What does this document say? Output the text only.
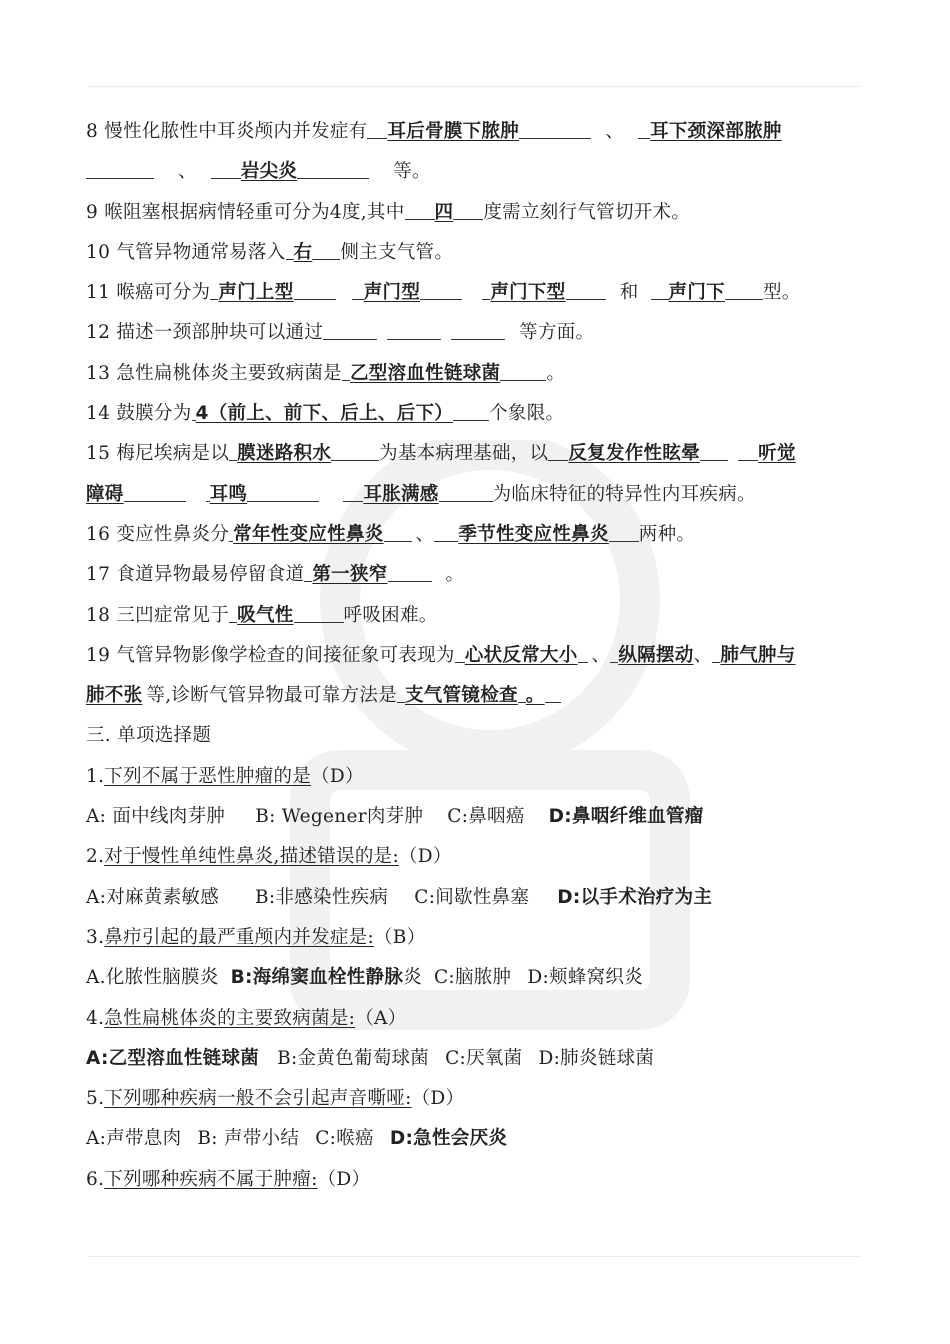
8 慢性化脓性中耳炎颅内并发症有 耳后骨膜下脓肿	、 耳下颈深部脓肿
、 岩尖炎	等。
9 喉阻塞根据病情轻重可分为4度,其中 四 度需立刻行气管切开术。
10 气管异物通常易落入 右 侧主支气管。
11 喉癌可分为 声门上型	声门型	声门下型	和 声门下 型。
12 描述一颈部肿块可以通过	等方面。
13 急性扁桃体炎主要致病菌是 乙型溶血性链球菌 。
14 鼓膜分为 4（前上、前下、后上、后下） 个象限。
15 梅尼埃病是以 膜迷路积水	为基本病理基础，以 反复发作性眩晕	听觉
障碍	耳鸣	耳胀满感	为临床特征的特异性内耳疾病。
16 变应性鼻炎分 常年性变应性鼻炎 、 季节性变应性鼻炎 两种。
17 食道异物最易停留食道 第一狭窄	。
18 三凹症常见于 吸气性	呼吸困难。
19 气管异物影像学检查的间接征象可表现为 心状反常大小 、 纵隔摆动、 肺气肿与
肺不张 等,诊断气管异物最可靠方法是 支气管镜检查 。
三. 单项选择题
1.下列不属于恶性肿瘤的是（D）
A: 面中线肉芽肿 B: Wegener肉芽肿 C:鼻咽癌 D:鼻咽纤维血管瘤
2.对于慢性单纯性鼻炎,描述错误的是:（D）
A:对麻黄素敏感 B:非感染性疾病 C:间歇性鼻塞 D:以手术治疗为主
3.鼻疖引起的最严重颅内并发症是:（B）
A.化脓性脑膜炎 B:海绵窦血栓性静脉炎 C:脑脓肿 D:颊蜂窝织炎
4.急性扁桃体炎的主要致病菌是:（A）
A:乙型溶血性链球菌 B:金黄色葡萄球菌 C:厌氧菌 D:肺炎链球菌
5.下列哪种疾病一般不会引起声音嘶哑:（D）
A:声带息肉 B: 声带小结 C:喉癌 D:急性会厌炎
6.下列哪种疾病不属于肿瘤:（D）
